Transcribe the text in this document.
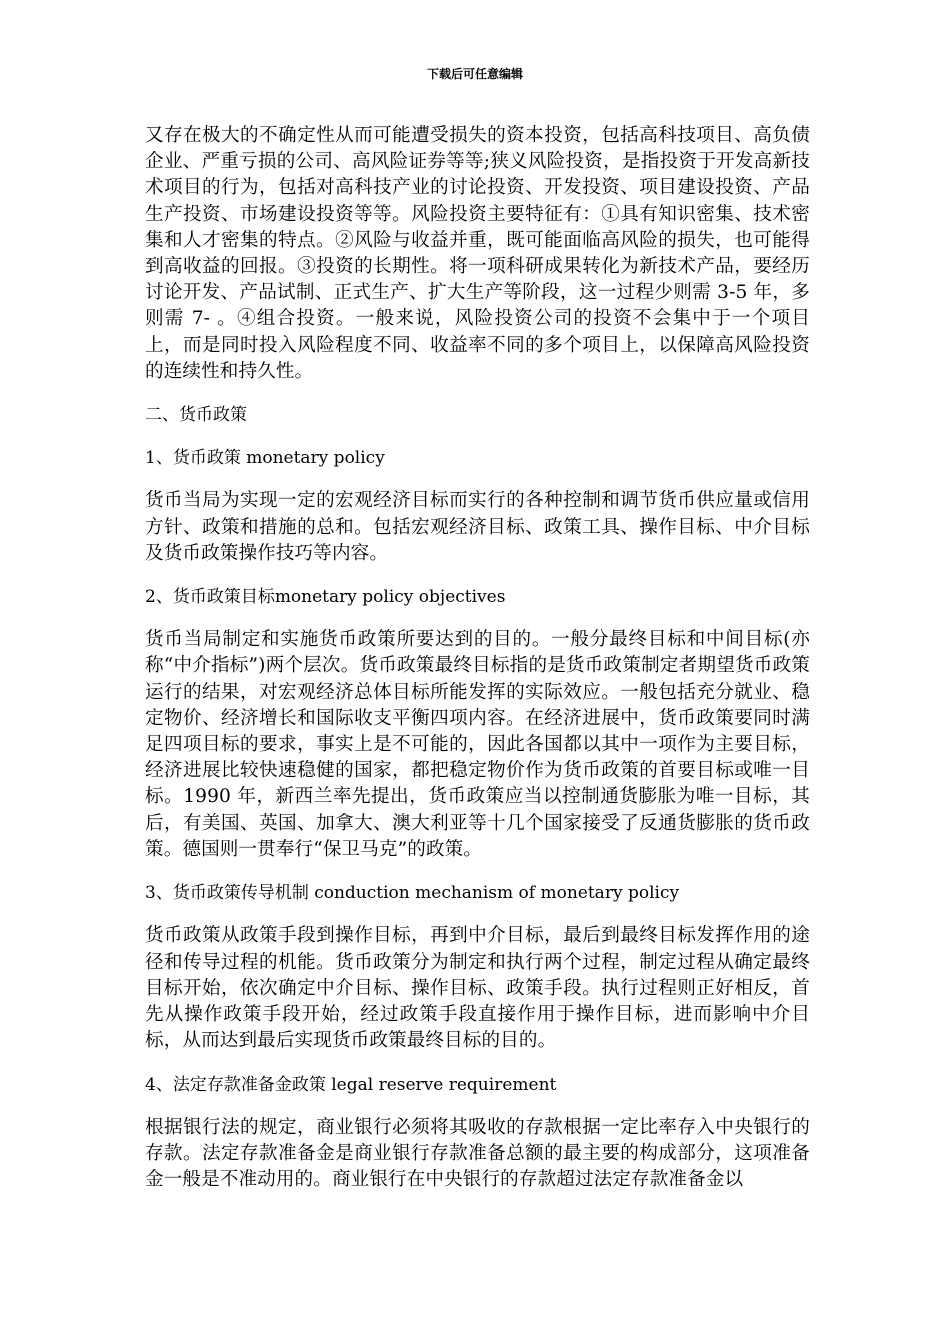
下载后可任意编辑

又存在极大的不确定性从而可能遭受损失的资本投资，包括高科技项目、高负债企业、严重亏损的公司、高风险证券等等;狭义风险投资，是指投资于开发高新技术项目的行为，包括对高科技产业的讨论投资、开发投资、项目建设投资、产品生产投资、市场建设投资等等。风险投资主要特征有：①具有知识密集、技术密集和人才密集的特点。②风险与收益并重，既可能面临高风险的损失，也可能得到高收益的回报。③投资的长期性。将一项科研成果转化为新技术产品，要经历讨论开发、产品试制、正式生产、扩大生产等阶段，这一过程少则需 3-5 年，多则需 7- 。④组合投资。一般来说，风险投资公司的投资不会集中于一个项目上，而是同时投入风险程度不同、收益率不同的多个项目上，以保障高风险投资的连续性和持久性。

二、货币政策

1、货币政策 monetary policy

货币当局为实现一定的宏观经济目标而实行的各种控制和调节货币供应量或信用方针、政策和措施的总和。包括宏观经济目标、政策工具、操作目标、中介目标及货币政策操作技巧等内容。

2、货币政策目标monetary policy objectives

货币当局制定和实施货币政策所要达到的目的。一般分最终目标和中间目标(亦称“中介指标”)两个层次。货币政策最终目标指的是货币政策制定者期望货币政策运行的结果，对宏观经济总体目标所能发挥的实际效应。一般包括充分就业、稳定物价、经济增长和国际收支平衡四项内容。在经济进展中，货币政策要同时满足四项目标的要求，事实上是不可能的，因此各国都以其中一项作为主要目标，经济进展比较快速稳健的国家，都把稳定物价作为货币政策的首要目标或唯一目标。1990 年，新西兰率先提出，货币政策应当以控制通货膨胀为唯一目标，其后，有美国、英国、加拿大、澳大利亚等十几个国家接受了反通货膨胀的货币政策。德国则一贯奉行“保卫马克”的政策。

3、货币政策传导机制 conduction mechanism of monetary policy

货币政策从政策手段到操作目标，再到中介目标，最后到最终目标发挥作用的途径和传导过程的机能。货币政策分为制定和执行两个过程，制定过程从确定最终目标开始，依次确定中介目标、操作目标、政策手段。执行过程则正好相反，首先从操作政策手段开始，经过政策手段直接作用于操作目标，进而影响中介目标，从而达到最后实现货币政策最终目标的目的。

4、法定存款准备金政策 legal reserve requirement

根据银行法的规定，商业银行必须将其吸收的存款根据一定比率存入中央银行的存款。法定存款准备金是商业银行存款准备总额的最主要的构成部分，这项准备金一般是不准动用的。商业银行在中央银行的存款超过法定存款准备金以
